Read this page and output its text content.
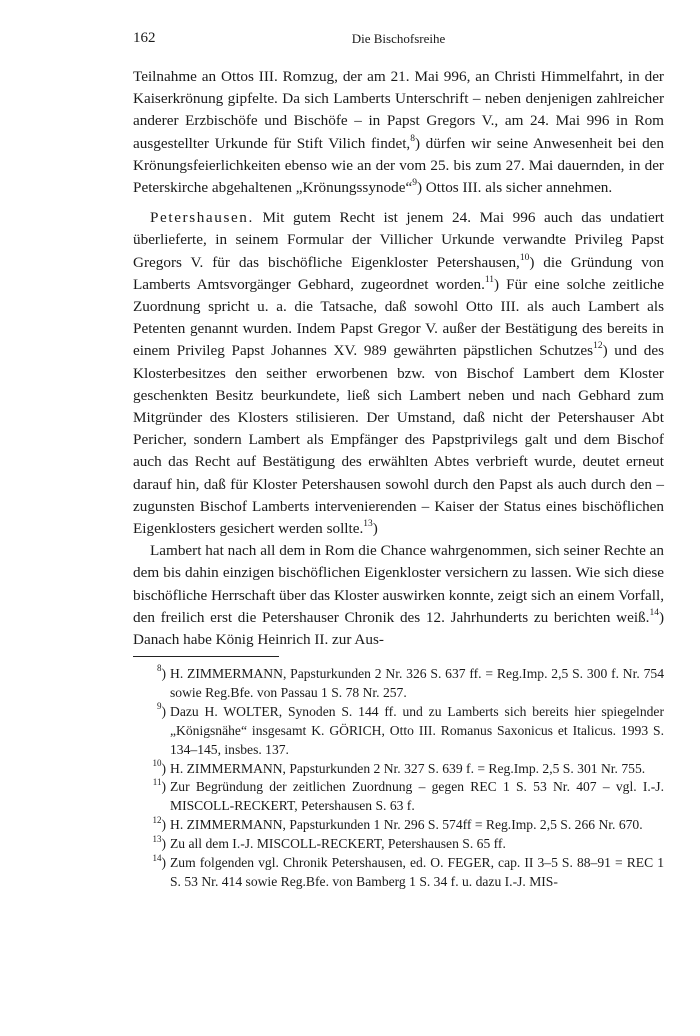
162	Die Bischofsreihe

Teilnahme an Ottos III. Romzug, der am 21. Mai 996, an Christi Himmelfahrt, in der Kaiserkrönung gipfelte. Da sich Lamberts Unterschrift – neben denjenigen zahlreicher anderer Erzbischöfe und Bischöfe – in Papst Gregors V., am 24. Mai 996 in Rom ausgestellter Urkunde für Stift Vilich findet,$^8$) dürfen wir seine Anwesenheit bei den Krönungsfeierlichkeiten ebenso wie an der vom 25. bis zum 27. Mai dauernden, in der Peterskirche abgehaltenen „Krönungssynode“$^9$) Ottos III. als sicher annehmen.

Petershausen. Mit gutem Recht ist jenem 24. Mai 996 auch das undatiert überlieferte, in seinem Formular der Villicher Urkunde verwandte Privileg Papst Gregors V. für das bischöfliche Eigenkloster Petershausen,$^{10}$) die Gründung von Lamberts Amtsvorgänger Gebhard, zugeordnet worden.$^{11}$) Für eine solche zeitliche Zuordnung spricht u. a. die Tatsache, daß sowohl Otto III. als auch Lambert als Petenten genannt wurden. Indem Papst Gregor V. außer der Bestätigung des bereits in einem Privileg Papst Johannes XV. 989 gewährten päpstlichen Schutzes$^{12}$) und des Klosterbesitzes den seither erworbenen bzw. von Bischof Lambert dem Kloster geschenkten Besitz beurkundete, ließ sich Lambert neben und nach Gebhard zum Mitgründer des Klosters stilisieren. Der Umstand, daß nicht der Petershauser Abt Pericher, sondern Lambert als Empfänger des Papstprivilegs galt und dem Bischof auch das Recht auf Bestätigung des erwählten Abtes verbrieft wurde, deutet erneut darauf hin, daß für Kloster Petershausen sowohl durch den Papst als auch durch den – zugunsten Bischof Lamberts intervenierenden – Kaiser der Status eines bischöflichen Eigenklosters gesichert werden sollte.$^{13}$)

Lambert hat nach all dem in Rom die Chance wahrgenommen, sich seiner Rechte an dem bis dahin einzigen bischöflichen Eigenkloster versichern zu lassen. Wie sich diese bischöfliche Herrschaft über das Kloster auswirken konnte, zeigt sich an einem Vorfall, den freilich erst die Petershauser Chronik des 12. Jahrhunderts zu berichten weiß.$^{14}$) Danach habe König Heinrich II. zur Aus-

$^8$) H. ZIMMERMANN, Papsturkunden 2 Nr. 326 S. 637 ff. = Reg.Imp. 2,5 S. 300 f. Nr. 754 sowie Reg.Bfe. von Passau 1 S. 78 Nr. 257.
$^9$) Dazu H. WOLTER, Synoden S. 144 ff. und zu Lamberts sich bereits hier spiegelnder „Königsnähe“ insgesamt K. GÖRICH, Otto III. Romanus Saxonicus et Italicus. 1993 S. 134–145, insbes. 137.
$^{10}$) H. ZIMMERMANN, Papsturkunden 2 Nr. 327 S. 639 f. = Reg.Imp. 2,5 S. 301 Nr. 755.
$^{11}$) Zur Begründung der zeitlichen Zuordnung – gegen REC 1 S. 53 Nr. 407 – vgl. I.-J. MISCOLL-RECKERT, Petershausen S. 63 f.
$^{12}$) H. ZIMMERMANN, Papsturkunden 1 Nr. 296 S. 574ff = Reg.Imp. 2,5 S. 266 Nr. 670.
$^{13}$) Zu all dem I.-J. MISCOLL-RECKERT, Petershausen S. 65 ff.
$^{14}$) Zum folgenden vgl. Chronik Petershausen, ed. O. FEGER, cap. II 3–5 S. 88–91 = REC 1 S. 53 Nr. 414 sowie Reg.Bfe. von Bamberg 1 S. 34 f. u. dazu I.-J. MIS-
